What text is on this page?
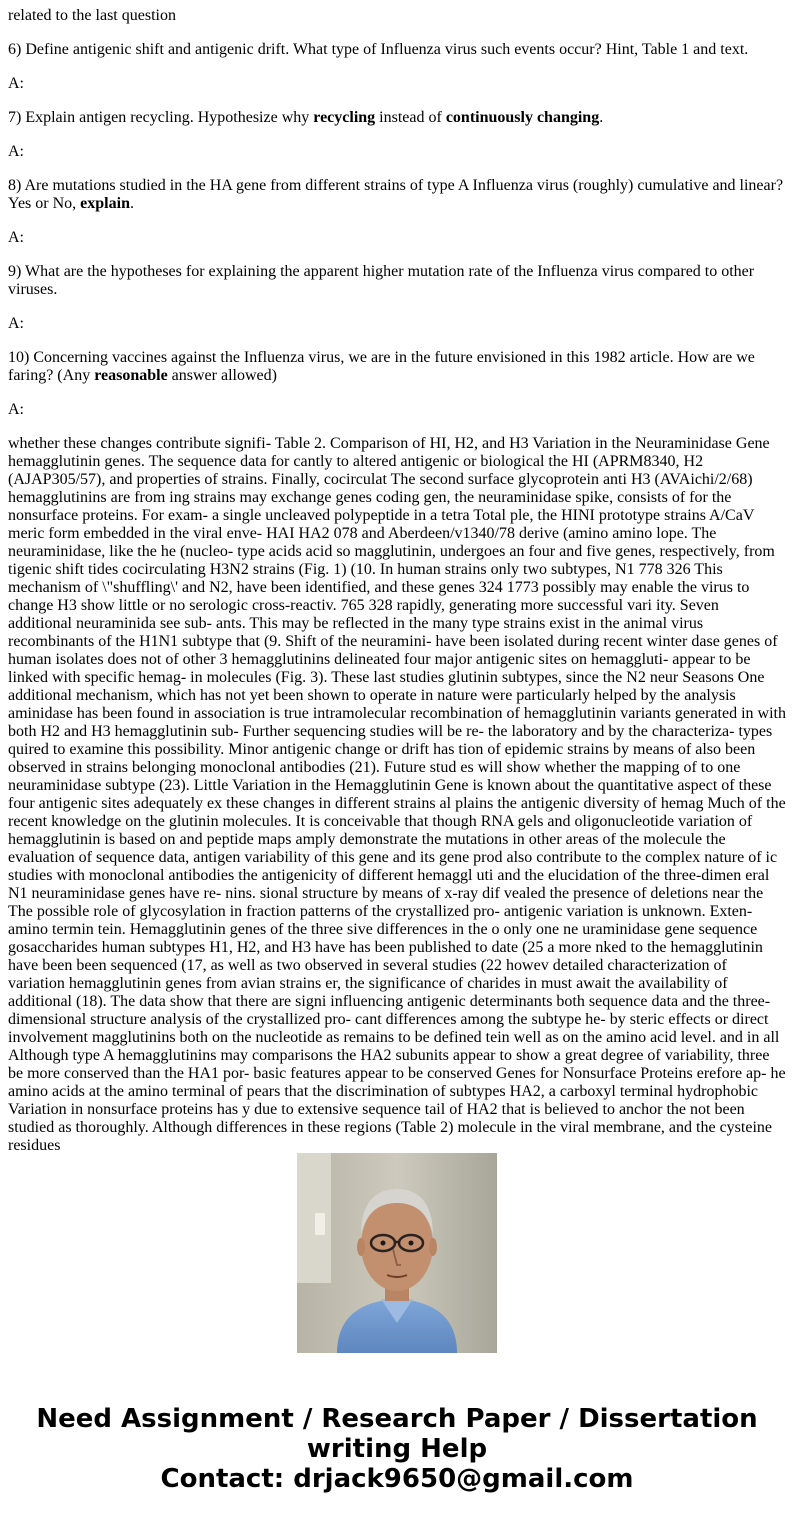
related to the last question

6) Define antigenic shift and antigenic drift. What type of Influenza virus such events occur? Hint, Table 1 and text.

A:

7) Explain antigen recycling. Hypothesize why recycling instead of continuously changing.

A:

8) Are mutations studied in the HA gene from different strains of type A Influenza virus (roughly) cumulative and linear? Yes or No, explain.

A:

9) What are the hypotheses for explaining the apparent higher mutation rate of the Influenza virus compared to other viruses.

A:

10) Concerning vaccines against the Influenza virus, we are in the future envisioned in this 1982 article. How are we faring? (Any reasonable answer allowed)

A:

whether these changes contribute signifi- Table 2. Comparison of HI, H2, and H3 Variation in the Neuraminidase Gene hemagglutinin genes. The sequence data for cantly to altered antigenic or biological the HI (APRM8340, H2 (AJAP305/57), and properties of strains. Finally, cocirculat The second surface glycoprotein anti H3 (AVAichi/2/68) hemagglutinins are from ing strains may exchange genes coding gen, the neuraminidase spike, consists of for the nonsurface proteins. For exam- a single uncleaved polypeptide in a tetra Total ple, the HINI prototype strains A/CaV meric form embedded in the viral enve- HAI HA2 078 and Aberdeen/v1340/78 derive (amino amino lope. The neuraminidase, like the he (nucleo- type acids acid so magglutinin, undergoes an four and five genes, respectively, from tigenic shift tides cocirculating H3N2 strains (Fig. 1) (10. In human strains only two subtypes, N1 778 326 This mechanism of \"shuffling\' and N2, have been identified, and these genes 324 1773 possibly may enable the virus to change H3 show little or no serologic cross-reactiv. 765 328 rapidly, generating more successful vari ity. Seven additional neuraminida see sub- ants. This may be reflected in the many type strains exist in the animal virus recombinants of the H1N1 subtype that (9. Shift of the neuramini- have been isolated during recent winter dase genes of human isolates does not of other 3 hemagglutinins delineated four major antigenic sites on hemaggluti- appear to be linked with specific hemag- in molecules (Fig. 3). These last studies glutinin subtypes, since the N2 neur Seasons One additional mechanism, which has not yet been shown to operate in nature were particularly helped by the analysis aminidase has been found in association is true intramolecular recombination of hemagglutinin variants generated in with both H2 and H3 hemagglutinin sub- Further sequencing studies will be re- the laboratory and by the characteriza- types quired to examine this possibility. Minor antigenic change or drift has tion of epidemic strains by means of also been observed in strains belonging monoclonal antibodies (21). Future stud es will show whether the mapping of to one neuraminidase subtype (23). Little Variation in the Hemagglutinin Gene is known about the quantitative aspect of these four antigenic sites adequately ex these changes in different strains al plains the antigenic diversity of hemag Much of the recent knowledge on the glutinin molecules. It is conceivable that though RNA gels and oligonucleotide variation of hemagglutinin is based on and peptide maps amply demonstrate the mutations in other areas of the molecule the evaluation of sequence data, antigen variability of this gene and its gene prod also contribute to the complex nature of ic studies with monoclonal antibodies the antigenicity of different hemaggl uti and the elucidation of the three-dimen eral N1 neuraminidase genes have re- nins. sional structure by means of x-ray dif vealed the presence of deletions near the The possible role of glycosylation in fraction patterns of the crystallized pro- antigenic variation is unknown. Exten- amino termin tein. Hemagglutinin genes of the three sive differences in the o only one ne uraminidase gene sequence gosaccharides human subtypes H1, H2, and H3 have has been published to date (25 a more nked to the hemagglutinin have been been sequenced (17, as well as two observed in several studies (22 howev detailed characterization of variation hemagglutinin genes from avian strains er, the significance of charides in must await the availability of additional (18). The data show that there are signi influencing antigenic determinants both sequence data and the three-dimensional structure analysis of the crystallized pro- cant differences among the subtype he- by steric effects or direct involvement magglutinins both on the nucleotide as remains to be defined tein well as on the amino acid level. and in all Although type A hemagglutinins may comparisons the HA2 subunits appear to show a great degree of variability, three be more conserved than the HA1 por- basic features appear to be conserved Genes for Nonsurface Proteins erefore ap- he amino acids at the amino terminal of pears that the discrimination of subtypes HA2, a carboxyl terminal hydrophobic Variation in nonsurface proteins has y due to extensive sequence tail of HA2 that is believed to anchor the not been studied as thoroughly. Although differences in these regions (Table 2) molecule in the viral membrane, and the cysteine residues

Need Assignment / Research Paper / Dissertation
writing Help
Contact: drjack9650@gmail.com
